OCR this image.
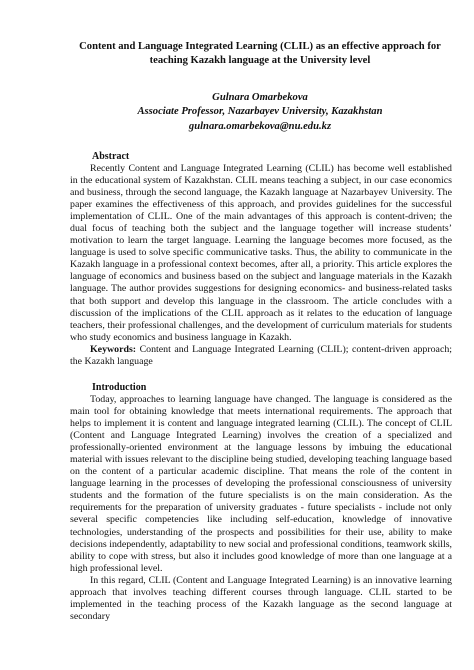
Content and Language Integrated Learning (CLIL) as an effective approach for teaching Kazakh language at the University level
Gulnara Omarbekova
Associate Professor, Nazarbayev University, Kazakhstan
gulnara.omarbekova@nu.edu.kz
Abstract

Recently Content and Language Integrated Learning (CLIL) has become well established in the educational system of Kazakhstan. CLIL means teaching a subject, in our case economics and business, through the second language, the Kazakh language at Nazarbayev University. The paper examines the effectiveness of this approach, and provides guidelines for the successful implementation of CLIL. One of the main advantages of this approach is content-driven; the dual focus of teaching both the subject and the language together will increase students’ motivation to learn the target language. Learning the language becomes more focused, as the language is used to solve specific communicative tasks. Thus, the ability to communicate in the Kazakh language in a professional context becomes, after all, a priority. This article explores the language of economics and business based on the subject and language materials in the Kazakh language. The author provides suggestions for designing economics- and business-related tasks that both support and develop this language in the classroom. The article concludes with a discussion of the implications of the CLIL approach as it relates to the education of language teachers, their professional challenges, and the development of curriculum materials for students who study economics and business language in Kazakh.

Keywords: Content and Language Integrated Learning (CLIL); content-driven approach; the Kazakh language

Introduction

Today, approaches to learning language have changed. The language is considered as the main tool for obtaining knowledge that meets international requirements. The approach that helps to implement it is content and language integrated learning (CLIL). The concept of CLIL (Content and Language Integrated Learning) involves the creation of a specialized and professionally-oriented environment at the language lessons by imbuing the educational material with issues relevant to the discipline being studied, developing teaching language based on the content of a particular academic discipline. That means the role of the content in language learning in the processes of developing the professional consciousness of university students and the formation of the future specialists is on the main consideration. As the requirements for the preparation of university graduates - future specialists - include not only several specific competencies like including self-education, knowledge of innovative technologies, understanding of the prospects and possibilities for their use, ability to make decisions independently, adaptability to new social and professional conditions, teamwork skills, ability to cope with stress, but also it includes good knowledge of more than one language at a high professional level.

In this regard, CLIL (Content and Language Integrated Learning) is an innovative learning approach that involves teaching different courses through language. CLIL started to be implemented in the teaching process of the Kazakh language as the second language at secondary
